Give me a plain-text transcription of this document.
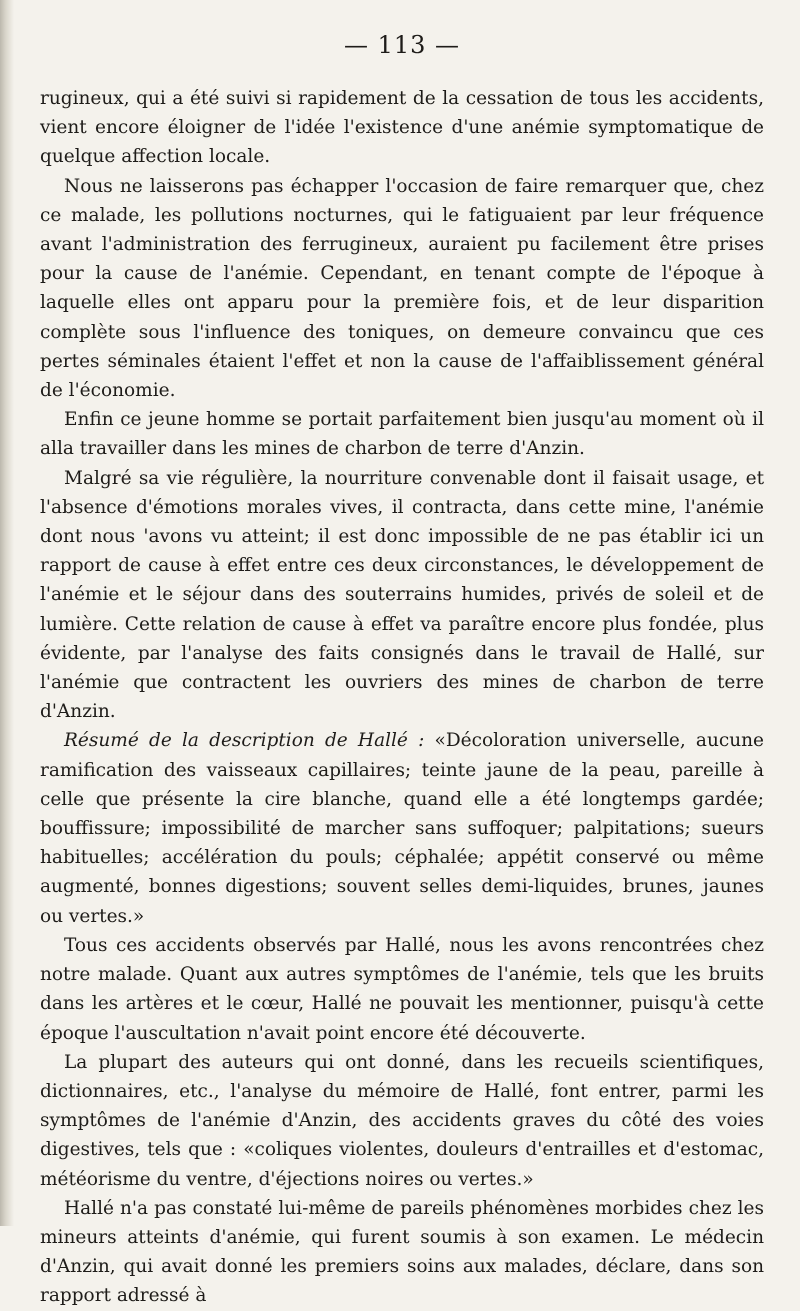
— 113 —

rugineux, qui a été suivi si rapidement de la cessation de tous les accidents, vient encore éloigner de l'idée l'existence d'une anémie symptomatique de quelque affection locale.

Nous ne laisserons pas échapper l'occasion de faire remarquer que, chez ce malade, les pollutions nocturnes, qui le fatiguaient par leur fréquence avant l'administration des ferrugineux, auraient pu facilement être prises pour la cause de l'anémie. Cependant, en tenant compte de l'époque à laquelle elles ont apparu pour la première fois, et de leur disparition complète sous l'influence des toniques, on demeure convaincu que ces pertes séminales étaient l'effet et non la cause de l'affaiblissement général de l'économie.

Enfin ce jeune homme se portait parfaitement bien jusqu'au moment où il alla travailler dans les mines de charbon de terre d'Anzin.

Malgré sa vie régulière, la nourriture convenable dont il faisait usage, et l'absence d'émotions morales vives, il contracta, dans cette mine, l'anémie dont nous 'avons vu atteint; il est donc impossible de ne pas établir ici un rapport de cause à effet entre ces deux circonstances, le développement de l'anémie et le séjour dans des souterrains humides, privés de soleil et de lumière. Cette relation de cause à effet va paraître encore plus fondée, plus évidente, par l'analyse des faits consignés dans le travail de Hallé, sur l'anémie que contractent les ouvriers des mines de charbon de terre d'Anzin.

Résumé de la description de Hallé : «Décoloration universelle, aucune ramification des vaisseaux capillaires; teinte jaune de la peau, pareille à celle que présente la cire blanche, quand elle a été longtemps gardée; bouffissure; impossibilité de marcher sans suffoquer; palpitations; sueurs habituelles; accélération du pouls; céphalée; appétit conservé ou même augmenté, bonnes digestions; souvent selles demi-liquides, brunes, jaunes ou vertes.»

Tous ces accidents observés par Hallé, nous les avons rencontrées chez notre malade. Quant aux autres symptômes de l'anémie, tels que les bruits dans les artères et le cœur, Hallé ne pouvait les mentionner, puisqu'à cette époque l'auscultation n'avait point encore été découverte.

La plupart des auteurs qui ont donné, dans les recueils scientifiques, dictionnaires, etc., l'analyse du mémoire de Hallé, font entrer, parmi les symptômes de l'anémie d'Anzin, des accidents graves du côté des voies digestives, tels que : «coliques violentes, douleurs d'entrailles et d'estomac, météorisme du ventre, d'éjections noires ou vertes.»

Hallé n'a pas constaté lui-même de pareils phénomènes morbides chez les mineurs atteints d'anémie, qui furent soumis à son examen. Le médecin d'Anzin, qui avait donné les premiers soins aux malades, déclare, dans son rapport adressé à
